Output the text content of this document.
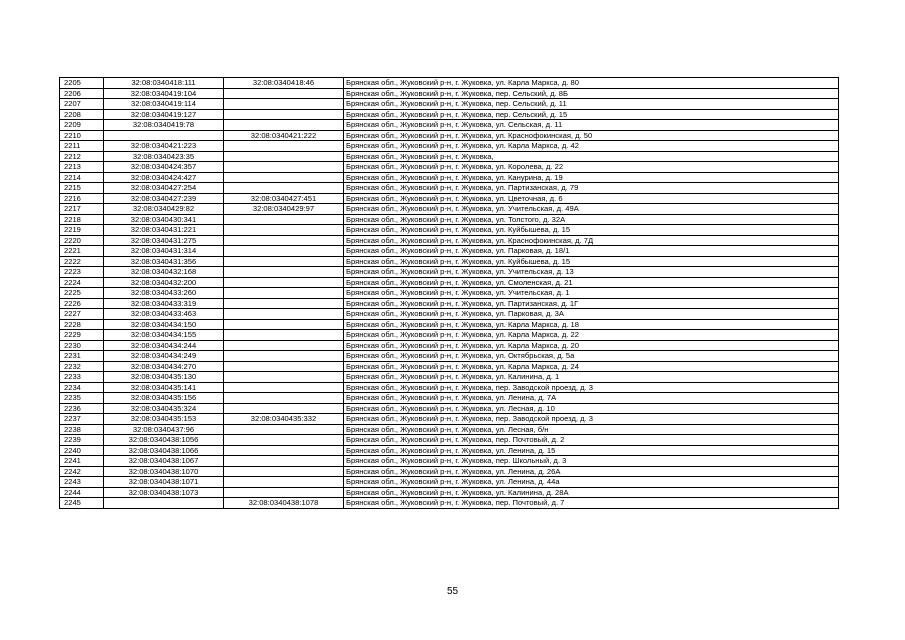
2205	32:08:0340418:111	32:08:0340418:46	Брянская обл., Жуковский р-н, г. Жуковка, ул. Карла Маркса, д. 80
2206	32:08:0340419:104		Брянская обл., Жуковский р-н, г. Жуковка, пер. Сельский, д. 8Б
2207	32:08:0340419:114		Брянская обл., Жуковский р-н, г. Жуковка, пер. Сельский, д. 11
2208	32:08:0340419:127		Брянская обл., Жуковский р-н, г. Жуковка, пер. Сельский, д. 15
2209	32:08:0340419:78		Брянская обл., Жуковский р-н, г. Жуковка, ул. Сельская, д. 11
2210		32:08:0340421:222	Брянская обл., Жуковский р-н, г. Жуковка, ул. Краснофокинская, д. 50
2211	32:08:0340421:223		Брянская обл., Жуковский р-н, г. Жуковка, ул. Карла Маркса, д. 42
2212	32:08:0340423:35		Брянская обл., Жуковский р-н, г. Жуковка,
2213	32:08:0340424:357		Брянская обл., Жуковский р-н, г. Жуковка, ул. Королева, д. 22
2214	32:08:0340424:427		Брянская обл., Жуковский р-н, г. Жуковка, ул. Канурина, д. 19
2215	32:08:0340427:254		Брянская обл., Жуковский р-н, г. Жуковка, ул. Партизанская, д. 79
2216	32:08:0340427:239	32:08:0340427:451	Брянская обл., Жуковский р-н, г. Жуковка, ул. Цветочная, д. 6
2217	32:08:0340429:82	32:08:0340429:97	Брянская обл., Жуковский р-н, г. Жуковка, ул. Учительская, д. 49А
2218	32:08:0340430:341		Брянская обл., Жуковский р-н, г. Жуковка, ул. Толстого, д. 32А
2219	32:08:0340431:221		Брянская обл., Жуковский р-н, г. Жуковка, ул. Куйбышева, д. 15
2220	32:08:0340431:275		Брянская обл., Жуковский р-н, г. Жуковка, ул. Краснофокинская, д. 7Д
2221	32:08:0340431:314		Брянская обл., Жуковский р-н, г. Жуковка, ул. Парковая, д. 18/1
2222	32:08:0340431:356		Брянская обл., Жуковский р-н, г. Жуковка, ул. Куйбышева, д. 15
2223	32:08:0340432:168		Брянская обл., Жуковский р-н, г. Жуковка, ул. Учительская, д. 13
2224	32:08:0340432:200		Брянская обл., Жуковский р-н, г. Жуковка, ул. Смоленская, д. 21
2225	32:08:0340433:260		Брянская обл., Жуковский р-н, г. Жуковка, ул. Учительская, д. 1
2226	32:08:0340433:319		Брянская обл., Жуковский р-н, г. Жуковка, ул. Партизанская, д. 1Г
2227	32:08:0340433:463		Брянская обл., Жуковский р-н, г. Жуковка, ул. Парковая, д. 3А
2228	32:08:0340434:150		Брянская обл., Жуковский р-н, г. Жуковка, ул. Карла Маркса, д. 18
2229	32:08:0340434:155		Брянская обл., Жуковский р-н, г. Жуковка, ул. Карла Маркса, д. 22
2230	32:08:0340434:244		Брянская обл., Жуковский р-н, г. Жуковка, ул. Карла Маркса, д. 20
2231	32:08:0340434:249		Брянская обл., Жуковский р-н, г. Жуковка, ул. Октябрьская, д. 5а
2232	32:08:0340434:270		Брянская обл., Жуковский р-н, г. Жуковка, ул. Карла Маркса, д. 24
2233	32:08:0340435:130		Брянская обл., Жуковский р-н, г. Жуковка, ул. Калинина, д. 1
2234	32:08:0340435:141		Брянская обл., Жуковский р-н, г. Жуковка, пер. Заводской проезд, д. 3
2235	32:08:0340435:156		Брянская обл., Жуковский р-н, г. Жуковка, ул. Ленина, д. 7А
2236	32:08:0340435:324		Брянская обл., Жуковский р-н, г. Жуковка, ул. Лесная, д. 10
2237	32:08:0340435:153	32:08:0340435:332	Брянская обл., Жуковский р-н, г. Жуковка, пер. Заводской проезд, д. 3
2238	32:08:0340437:96		Брянская обл., Жуковский р-н, г. Жуковка, ул. Лесная, б/н
2239	32:08:0340438:1056		Брянская обл., Жуковский р-н, г. Жуковка, пер. Почтовый, д. 2
2240	32:08:0340438:1066		Брянская обл., Жуковский р-н, г. Жуковка, ул. Ленина, д. 15
2241	32:08:0340438:1067		Брянская обл., Жуковский р-н, г. Жуковка, пер. Школьный, д. 3
2242	32:08:0340438:1070		Брянская обл., Жуковский р-н, г. Жуковка, ул. Ленина, д. 26А
2243	32:08:0340438:1071		Брянская обл., Жуковский р-н, г. Жуковка, ул. Ленина, д. 44а
2244	32:08:0340438:1073		Брянская обл., Жуковский р-н, г. Жуковка, ул. Калинина, д. 28А
2245		32:08:0340438:1078	Брянская обл., Жуковский р-н, г. Жуковка, пер. Почтовый, д. 7
55
